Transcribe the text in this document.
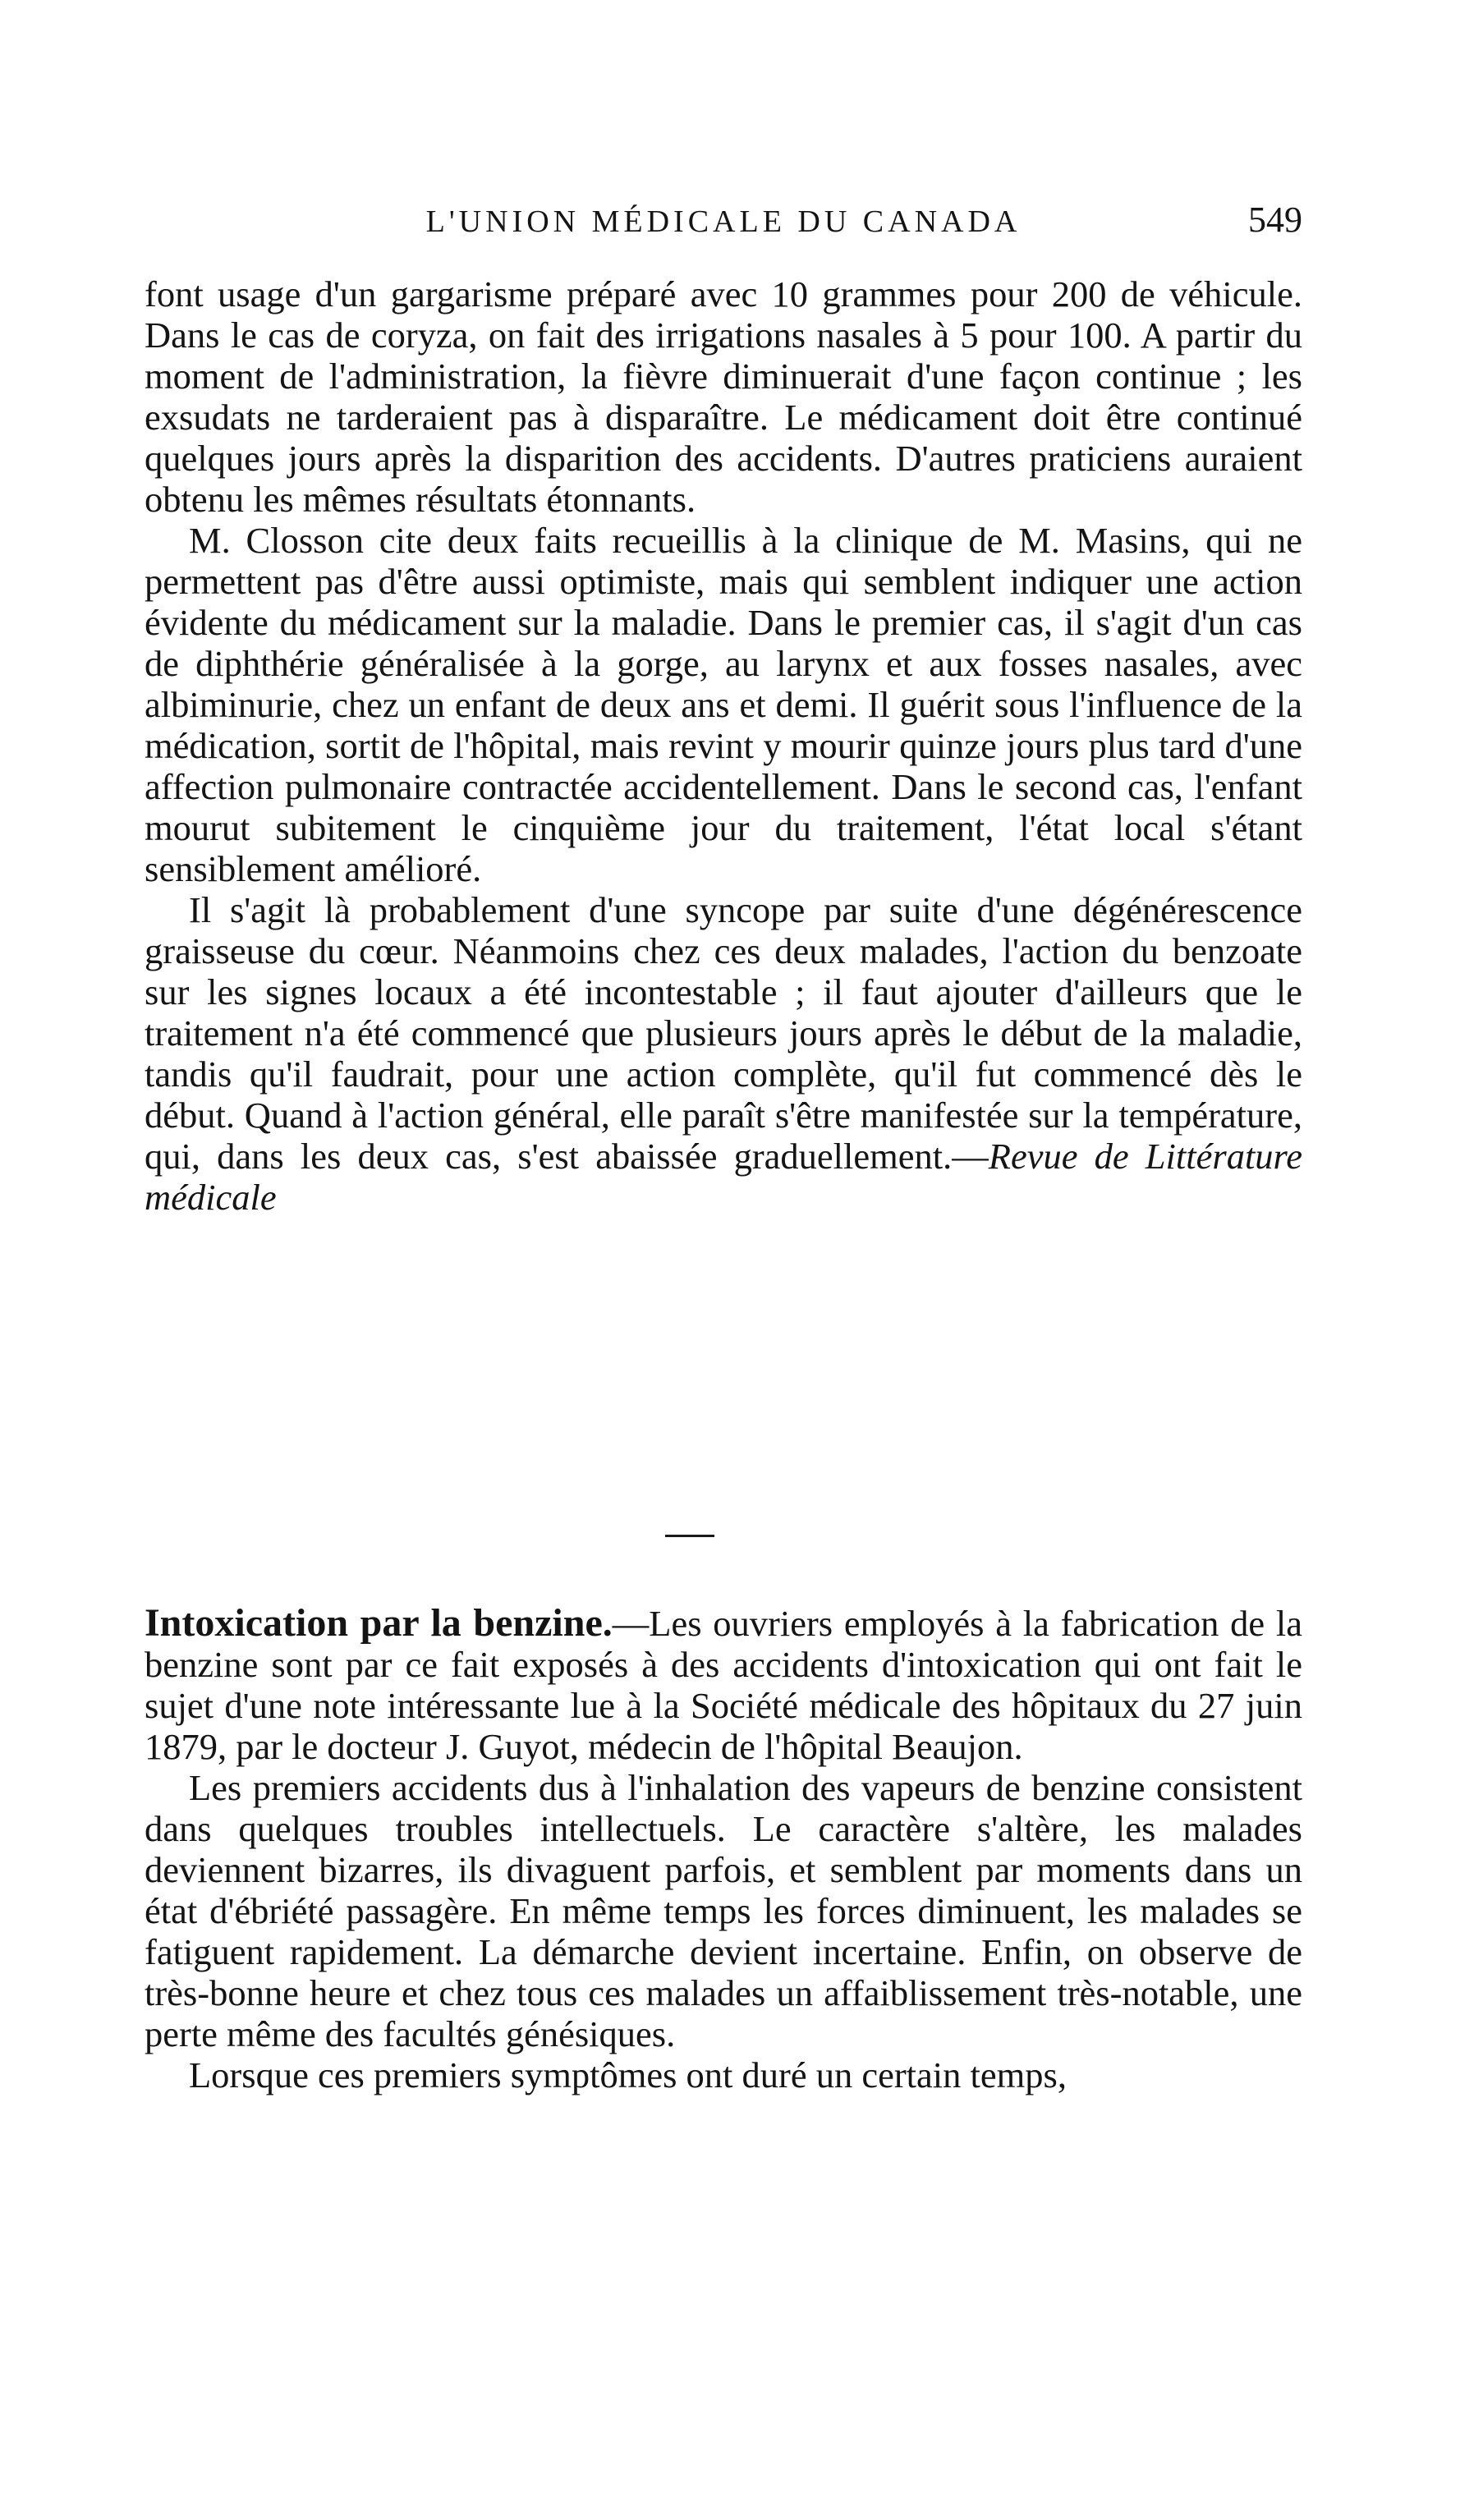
L'UNION MÉDICALE DU CANADA	549

font usage d'un gargarisme préparé avec 10 grammes pour 200 de véhicule. Dans le cas de coryza, on fait des irrigations nasales à 5 pour 100. A partir du moment de l'administration, la fièvre diminuerait d'une façon continue ; les exsudats ne tarderaient pas à disparaître. Le médicament doit être continué quelques jours après la disparition des accidents. D'autres praticiens auraient obtenu les mêmes résultats étonnants.

M. Closson cite deux faits recueillis à la clinique de M. Masins, qui ne permettent pas d'être aussi optimiste, mais qui semblent indiquer une action évidente du médicament sur la maladie. Dans le premier cas, il s'agit d'un cas de diphthérie généralisée à la gorge, au larynx et aux fosses nasales, avec albiminurie, chez un enfant de deux ans et demi. Il guérit sous l'influence de la médication, sortit de l'hôpital, mais revint y mourir quinze jours plus tard d'une affection pulmonaire contractée accidentellement. Dans le second cas, l'enfant mourut subitement le cinquième jour du traitement, l'état local s'étant sensiblement amélioré.

Il s'agit là probablement d'une syncope par suite d'une dégénérescence graisseuse du cœur. Néanmoins chez ces deux malades, l'action du benzoate sur les signes locaux a été incontestable ; il faut ajouter d'ailleurs que le traitement n'a été commencé que plusieurs jours après le début de la maladie, tandis qu'il faudrait, pour une action complète, qu'il fut commencé dès le début. Quand à l'action général, elle paraît s'être manifestée sur la température, qui, dans les deux cas, s'est abaissée graduellement.—Revue de Littérature médicale

Intoxication par la benzine.—Les ouvriers employés à la fabrication de la benzine sont par ce fait exposés à des accidents d'intoxication qui ont fait le sujet d'une note intéressante lue à la Société médicale des hôpitaux du 27 juin 1879, par le docteur J. Guyot, médecin de l'hôpital Beaujon.

Les premiers accidents dus à l'inhalation des vapeurs de benzine consistent dans quelques troubles intellectuels. Le caractère s'altère, les malades deviennent bizarres, ils divaguent parfois, et semblent par moments dans un état d'ébriété passagère. En même temps les forces diminuent, les malades se fatiguent rapidement. La démarche devient incertaine. Enfin, on observe de très-bonne heure et chez tous ces malades un affaiblissement très-notable, une perte même des facultés génésiques.

Lorsque ces premiers symptômes ont duré un certain temps,
